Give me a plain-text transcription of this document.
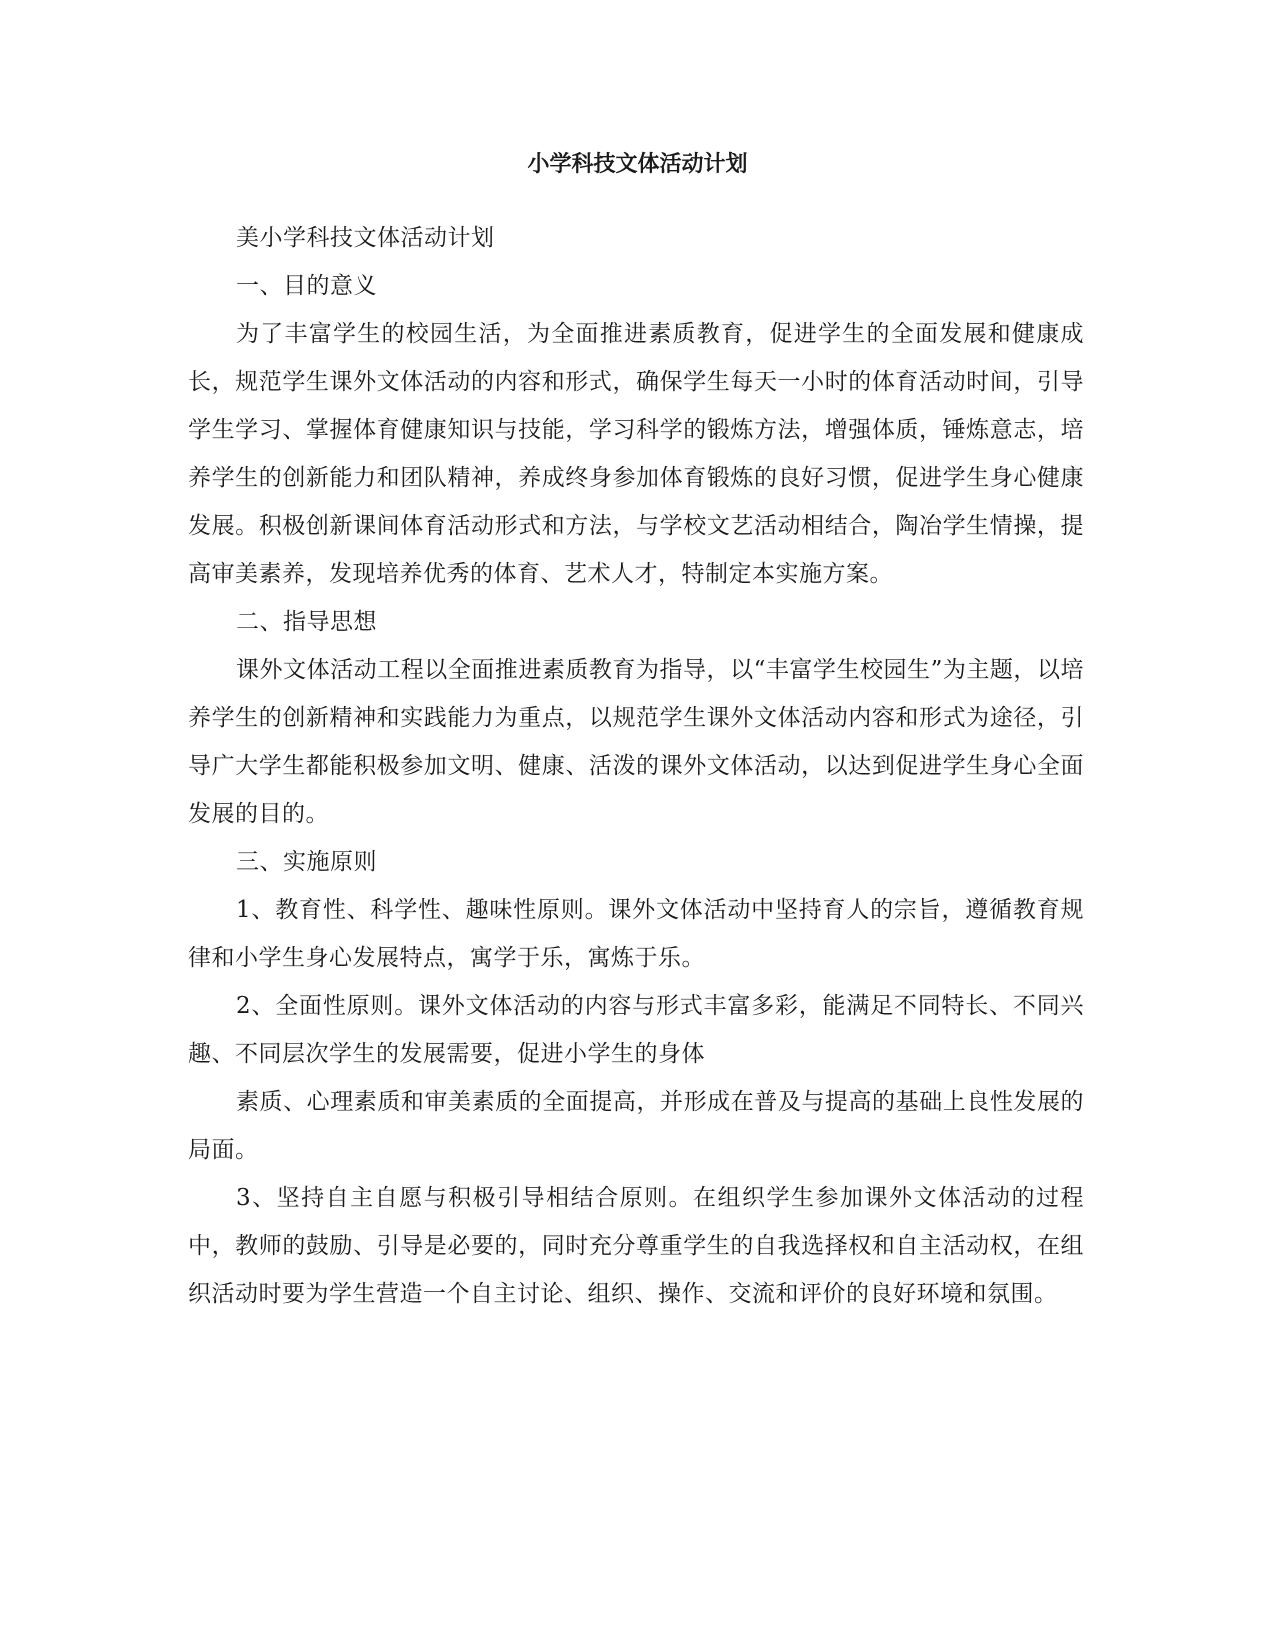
小学科技文体活动计划

美小学科技文体活动计划

一、目的意义

为了丰富学生的校园生活，为全面推进素质教育，促进学生的全面发展和健康成长，规范学生课外文体活动的内容和形式，确保学生每天一小时的体育活动时间，引导学生学习、掌握体育健康知识与技能，学习科学的锻炼方法，增强体质，锤炼意志，培养学生的创新能力和团队精神，养成终身参加体育锻炼的良好习惯，促进学生身心健康发展。积极创新课间体育活动形式和方法，与学校文艺活动相结合，陶冶学生情操，提高审美素养，发现培养优秀的体育、艺术人才，特制定本实施方案。

二、指导思想

课外文体活动工程以全面推进素质教育为指导，以“丰富学生校园生”为主题，以培养学生的创新精神和实践能力为重点，以规范学生课外文体活动内容和形式为途径，引导广大学生都能积极参加文明、健康、活泼的课外文体活动，以达到促进学生身心全面发展的目的。

三、实施原则

1、教育性、科学性、趣味性原则。课外文体活动中坚持育人的宗旨，遵循教育规律和小学生身心发展特点，寓学于乐，寓炼于乐。

2、全面性原则。课外文体活动的内容与形式丰富多彩，能满足不同特长、不同兴趣、不同层次学生的发展需要，促进小学生的身体

素质、心理素质和审美素质的全面提高，并形成在普及与提高的基础上良性发展的局面。

3、坚持自主自愿与积极引导相结合原则。在组织学生参加课外文体活动的过程中，教师的鼓励、引导是必要的，同时充分尊重学生的自我选择权和自主活动权，在组织活动时要为学生营造一个自主讨论、组织、操作、交流和评价的良好环境和氛围。
